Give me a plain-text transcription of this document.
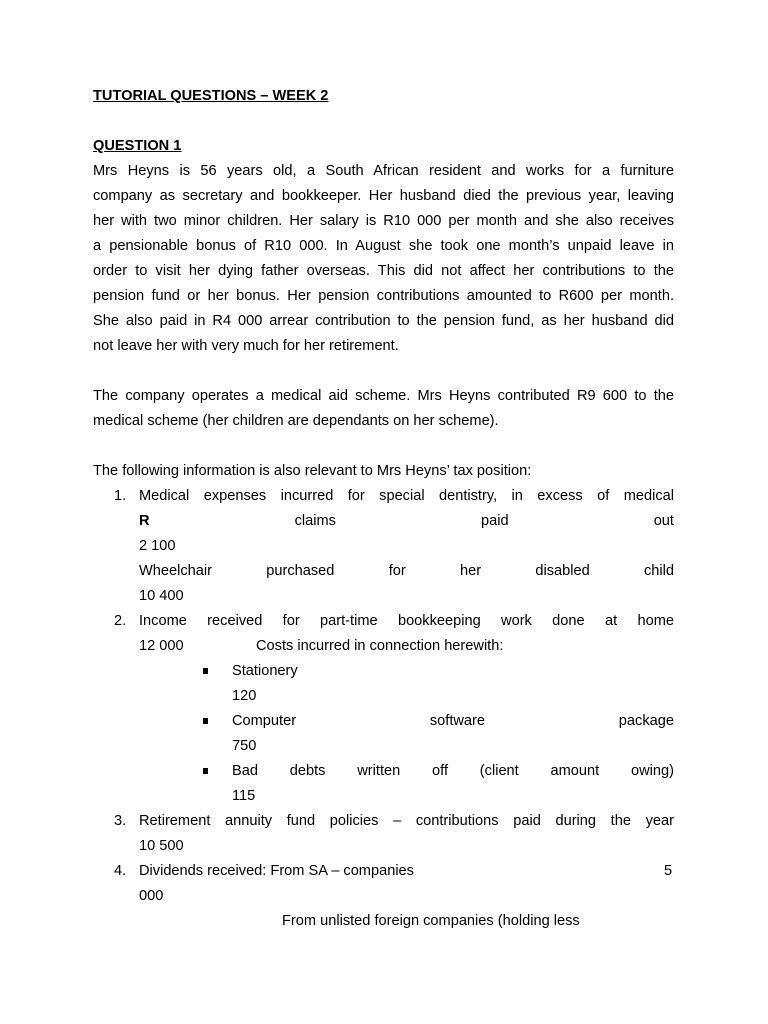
TUTORIAL QUESTIONS – WEEK 2
QUESTION 1
Mrs Heyns is 56 years old, a South African resident and works for a furniture
company as secretary and bookkeeper. Her husband died the previous year, leaving
her with two minor children. Her salary is R10 000 per month and she also receives
a pensionable bonus of R10 000. In August she took one month’s unpaid leave in
order to visit her dying father overseas. This did not affect her contributions to the
pension fund or her bonus. Her pension contributions amounted to R600 per month.
She also paid in R4 000 arrear contribution to the pension fund, as her husband did
not leave her with very much for her retirement.
The company operates a medical aid scheme. Mrs Heyns contributed R9 600 to the
medical scheme (her children are dependants on her scheme).
The following information is also relevant to Mrs Heyns’ tax position:
1. Medical expenses incurred for special dentistry, in excess of medical
R	claims	paid	out
2 100
Wheelchair	purchased	for	her	disabled	child
10 400
2. Income received for part-time bookkeeping work done at home
12 000	Costs incurred in connection herewith:
Stationery
120
Computer	software	package
750
Bad debts written off (client amount owing)
115
3. Retirement annuity fund policies – contributions paid during the year
10 500
4. Dividends received: From SA – companies	5
000
From unlisted foreign companies (holding less
